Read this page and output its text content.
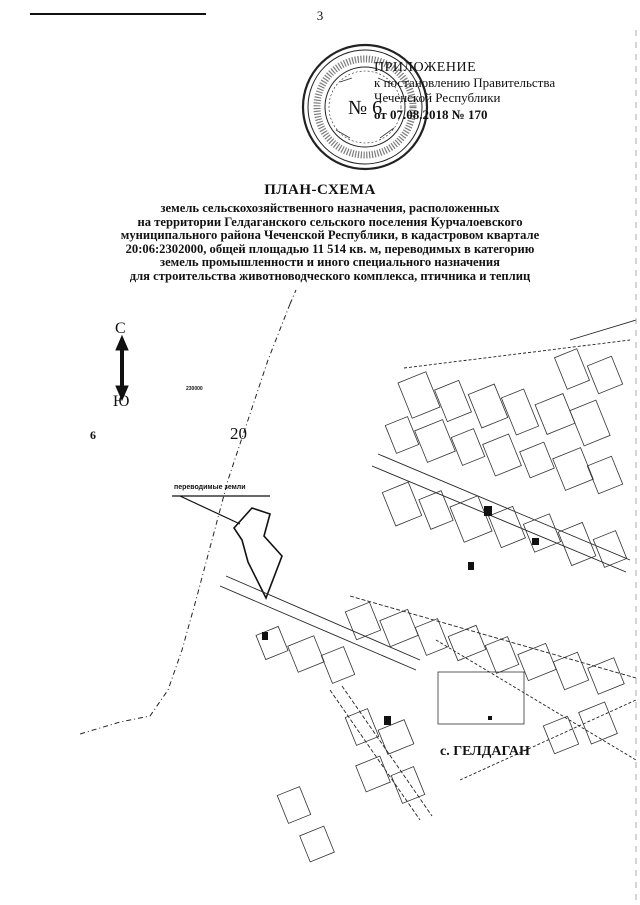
3
№ 6
ПРИЛОЖЕНИЕ
к постановлению Правительства
Чеченской Республики
от 07.08.2018 № 170
ПЛАН-СХЕМА
земель сельскохозяйственного назначения, расположенных
на территории Гелдаганского сельского поселения Курчалоевского
муниципального района Чеченской Республики, в кадастровом квартале
20:06:2302000, общей площадью 11 514 кв. м, переводимых в категорию
земель промышленности и иного специального назначения
для строительства животноводческого комплекса, птичника и теплиц
С
Ю
230000
6	20
переводимые земли
с. ГЕЛДАГАН
